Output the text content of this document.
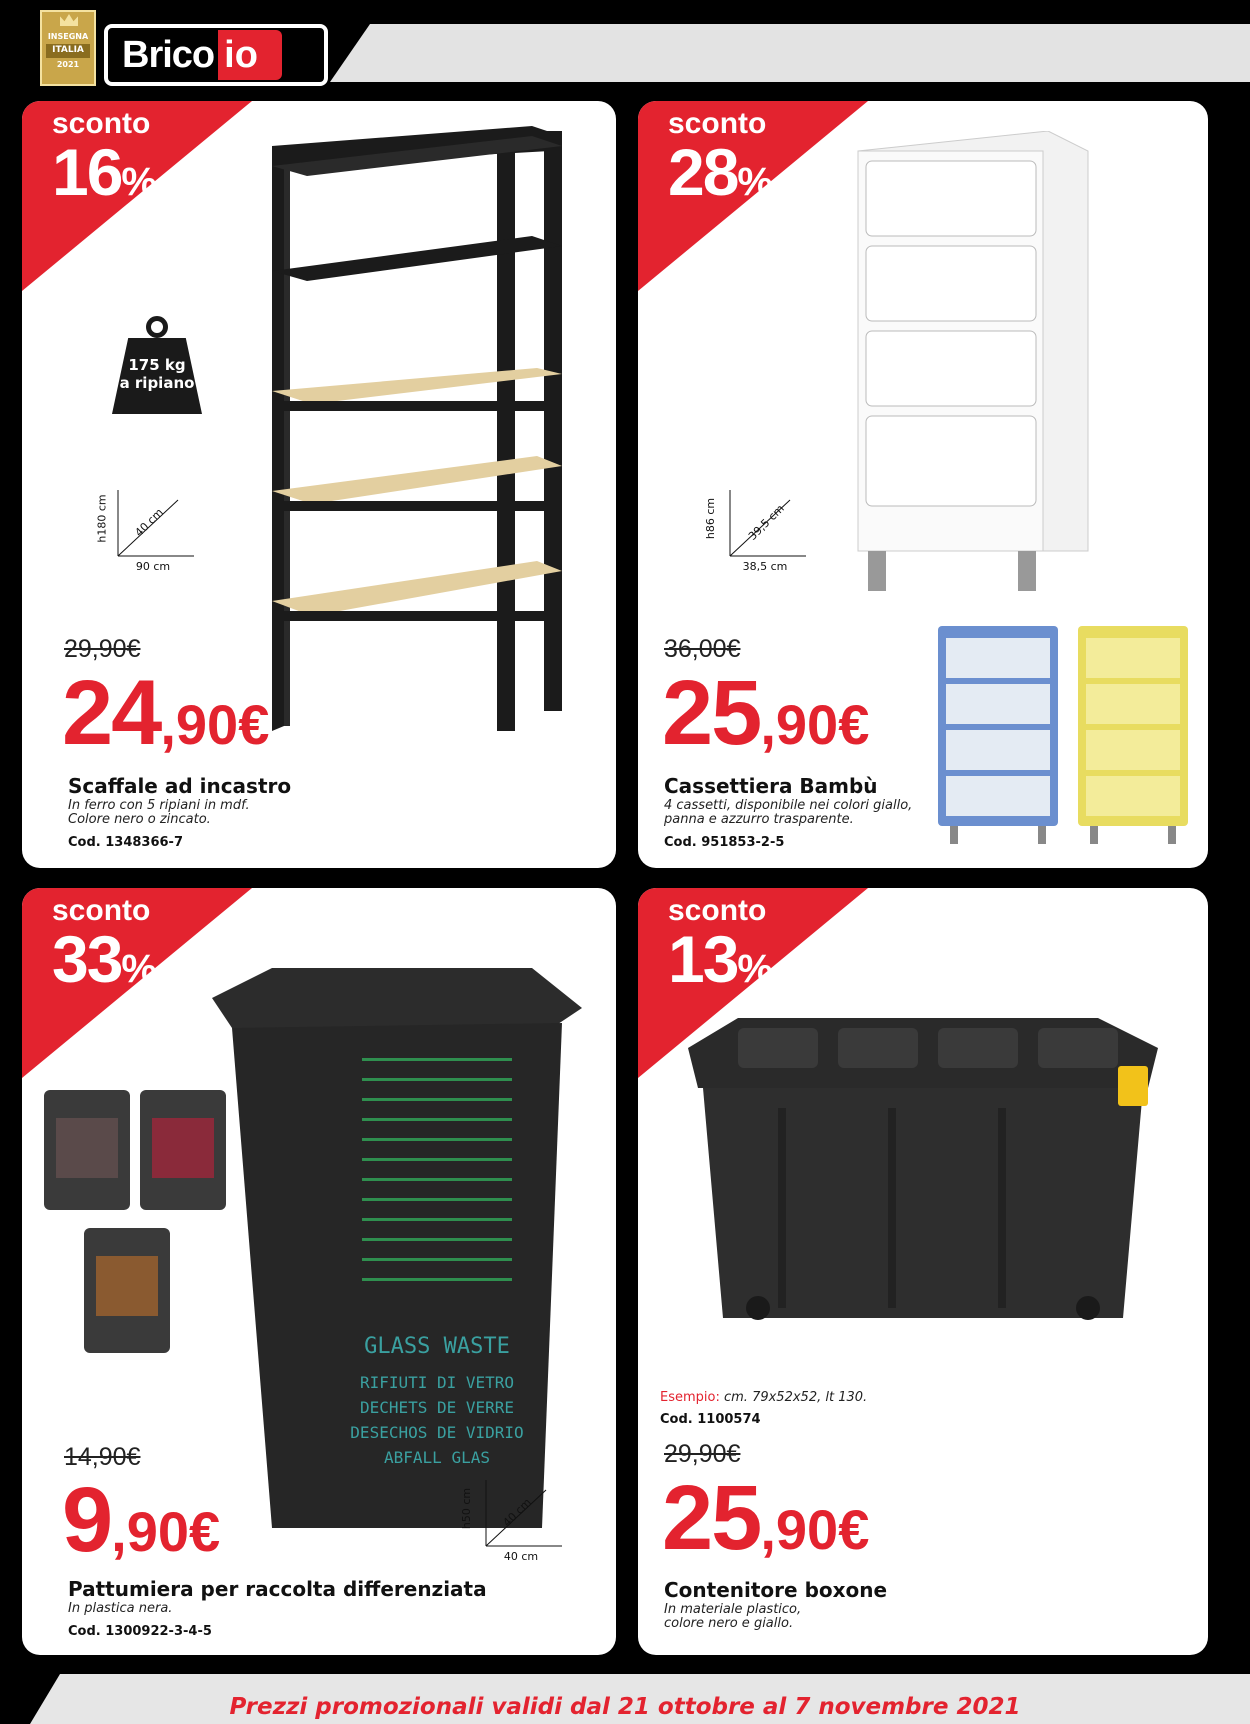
INSEGNA
ITALIA
2021	Brico io
sconto
16%
175 kg
a ripiano
h180 cm 40 cm
90 cm
29,90€
24,90€
Scaffale ad incastro
In ferro con 5 ripiani in mdf.
Colore nero o zincato.
Cod. 1348366-7
sconto
28%
h86 cm	39,5 cm
38,5 cm
36,00€
25,90€
Cassettiera Bambù
4 cassetti, disponibile nei colori giallo,
panna e azzurro trasparente.
Cod. 951853-2-5
sconto
33%
GLASS WASTE
RIFIUTI DI VETRO
DECHETS DE VERRE
DESECHOS DE VIDRIO
ABFALL GLAS
h50 cm 40 cm
40 cm
14,90€
9,90€
Pattumiera per raccolta differenziata
In plastica nera.
Cod. 1300922-3-4-5
sconto
13%
Esempio: cm. 79x52x52, lt 130.
Cod. 1100574
29,90€
25,90€
Contenitore boxone
In materiale plastico,
colore nero e giallo.
Prezzi promozionali validi dal 21 ottobre al 7 novembre 2021
